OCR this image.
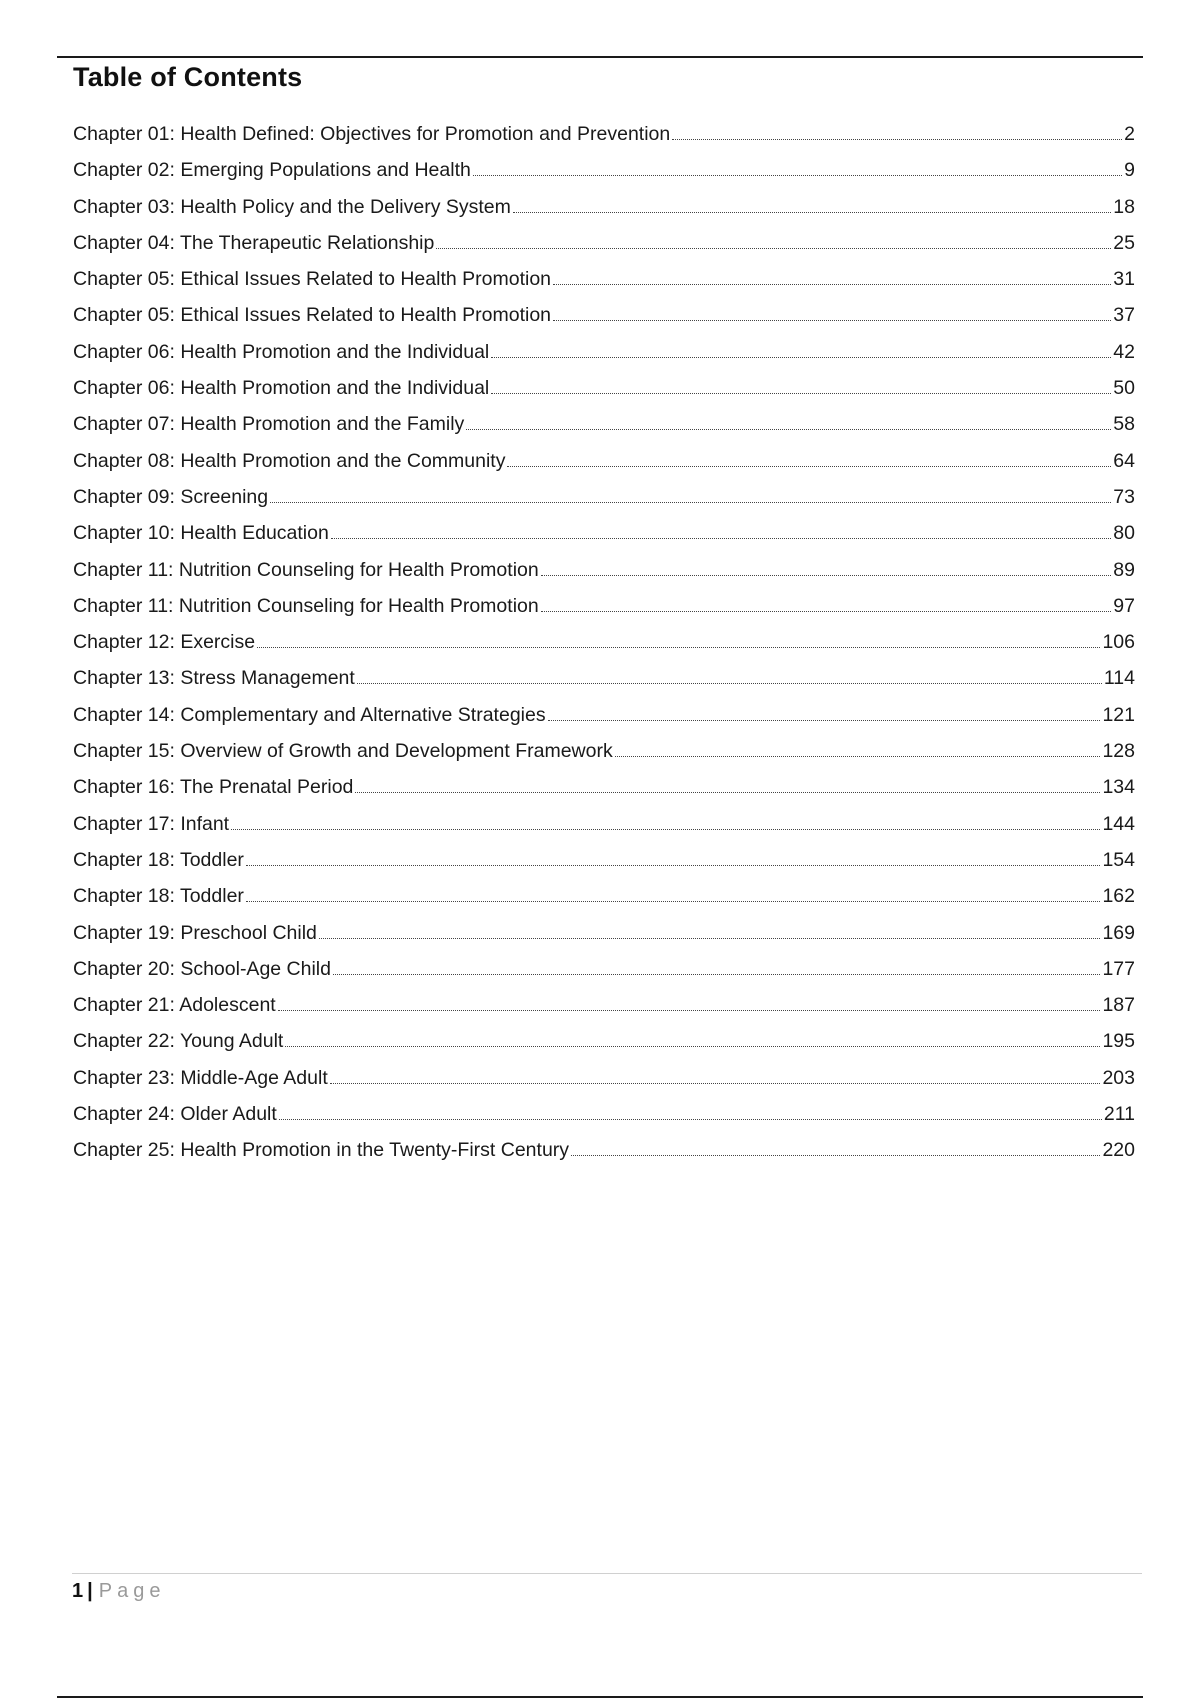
Table of Contents
Chapter 01: Health Defined: Objectives for Promotion and Prevention	2
Chapter 02: Emerging Populations and Health	9
Chapter 03: Health Policy and the Delivery System	18
Chapter 04: The Therapeutic Relationship	25
Chapter 05: Ethical Issues Related to Health Promotion	31
Chapter 05: Ethical Issues Related to Health Promotion	37
Chapter 06: Health Promotion and the Individual	42
Chapter 06: Health Promotion and the Individual	50
Chapter 07: Health Promotion and the Family	58
Chapter 08: Health Promotion and the Community	64
Chapter 09: Screening	73
Chapter 10: Health Education	80
Chapter 11: Nutrition Counseling for Health Promotion	89
Chapter 11: Nutrition Counseling for Health Promotion	97
Chapter 12: Exercise	106
Chapter 13: Stress Management	114
Chapter 14: Complementary and Alternative Strategies	121
Chapter 15: Overview of Growth and Development Framework	128
Chapter 16: The Prenatal Period	134
Chapter 17: Infant	144
Chapter 18: Toddler	154
Chapter 18: Toddler	162
Chapter 19: Preschool Child	169
Chapter 20: School-Age Child	177
Chapter 21: Adolescent	187
Chapter 22: Young Adult	195
Chapter 23: Middle-Age Adult	203
Chapter 24: Older Adult	211
Chapter 25: Health Promotion in the Twenty-First Century	220
1 | Page
